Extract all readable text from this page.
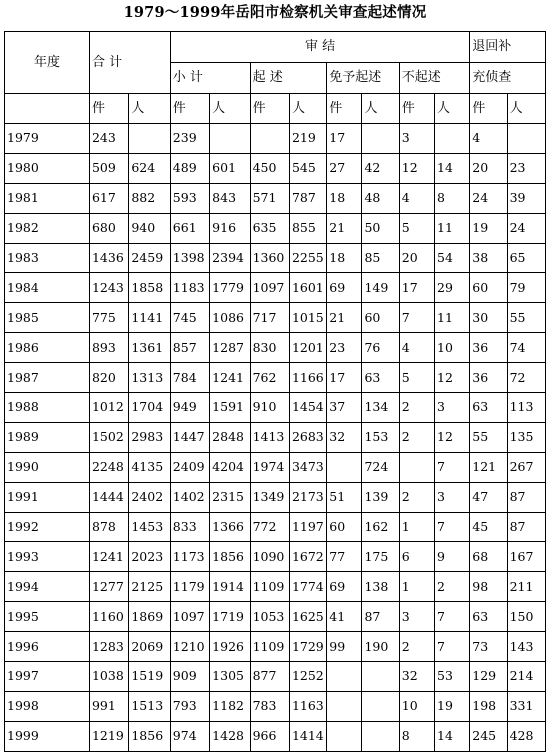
1979～1999年岳阳市检察机关审查起述情况
年度	合 计		审 结								退回补	
			小 计		起 述		免予起述		不起述		充侦查	
	件	人	件	人	件	人	件	人	件	人	件	人
1979	243		239			219	17		3		4	
1980	509	624	489	601	450	545	27	42	12	14	20	23
1981	617	882	593	843	571	787	18	48	4	8	24	39
1982	680	940	661	916	635	855	21	50	5	11	19	24
1983	1436	2459	1398	2394	1360	2255	18	85	20	54	38	65
1984	1243	1858	1183	1779	1097	1601	69	149	17	29	60	79
1985	775	1141	745	1086	717	1015	21	60	7	11	30	55
1986	893	1361	857	1287	830	1201	23	76	4	10	36	74
1987	820	1313	784	1241	762	1166	17	63	5	12	36	72
1988	1012	1704	949	1591	910	1454	37	134	2	3	63	113
1989	1502	2983	1447	2848	1413	2683	32	153	2	12	55	135
1990	2248	4135	2409	4204	1974	3473		724		7	121	267
1991	1444	2402	1402	2315	1349	2173	51	139	2	3	47	87
1992	878	1453	833	1366	772	1197	60	162	1	7	45	87
1993	1241	2023	1173	1856	1090	1672	77	175	6	9	68	167
1994	1277	2125	1179	1914	1109	1774	69	138	1	2	98	211
1995	1160	1869	1097	1719	1053	1625	41	87	3	7	63	150
1996	1283	2069	1210	1926	1109	1729	99	190	2	7	73	143
1997	1038	1519	909	1305	877	1252			32	53	129	214
1998	991	1513	793	1182	783	1163			10	19	198	331
1999	1219	1856	974	1428	966	1414			8	14	245	428
